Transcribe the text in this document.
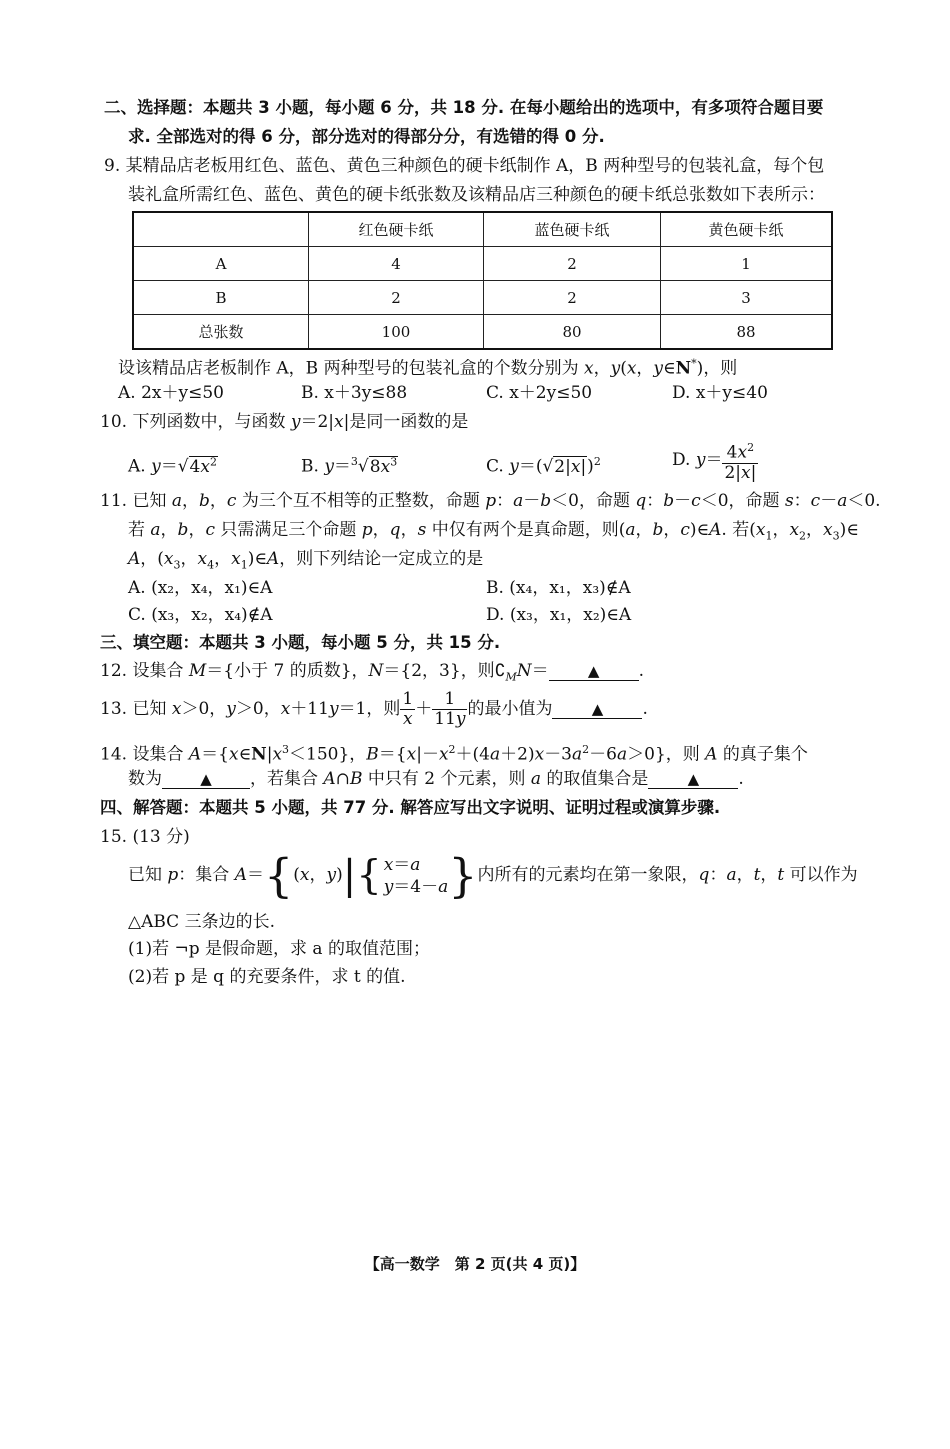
二、选择题：本题共 3 小题，每小题 6 分，共 18 分. 在每小题给出的选项中，有多项符合题目要
求. 全部选对的得 6 分，部分选对的得部分分，有选错的得 0 分.
9. 某精品店老板用红色、蓝色、黄色三种颜色的硬卡纸制作 A，B 两种型号的包装礼盒，每个包
装礼盒所需红色、蓝色、黄色的硬卡纸张数及该精品店三种颜色的硬卡纸总张数如下表所示：
	红色硬卡纸	蓝色硬卡纸	黄色硬卡纸
A	4	2	1
B	2	2	3
总张数	100	80	88
设该精品店老板制作 A，B 两种型号的包装礼盒的个数分别为 x，y(x，y∈N*)，则
A. 2x＋y≤50	B. x＋3y≤88	C. x＋2y≤50	D. x＋y≤40
10. 下列函数中，与函数 y＝2|x|是同一函数的是
A. $y=√4x^2$	B. $y=^3√8x^3$	C. $y=(√2|x|)^2$	D. $y= \frac{4x^2}{2|x|}$
11. 已知 a，b，c 为三个互不相等的正整数，命题 p：a－b＜0，命题 q：b－c＜0，命题 s：c－a＜0.
若 a，b，c 只需满足三个命题 p，q，s 中仅有两个是真命题，则(a，b，c)∈A. 若($x_1$，$x_2$，$x_3)\in$
A，($x_3$，$x_4$，$x_1)\in A$，则下列结论一定成立的是
A. (x₂，x₄，x₁)∈A	B. (x₄，x₁，x₃)∉A
C. (x₃，x₂，x₄)∉A	D. (x₃，x₁，x₂)∈A
三、填空题：本题共 3 小题，每小题 5 分，共 15 分.
12. 设集合 M＝{小于 7 的质数}，N＝{2，3}，则$∁_MN=$	▲ .
13. 已知 x＞0，y＞0，x＋11y＝1，则 $\frac{1}{x} + \frac{1}{11y}$ 的最小值为	▲ .
14. 设集合 $A=\{x\in N|x^3<150\}$，$B=\{x|-x^2+(4a+2)x-3a^2-6a>0\}$，则 A 的真子集个
数为	▲ ，若集合 A∩B 中只有 2 个元素，则 a 的取值集合是	▲ .
四、解答题：本题共 5 小题，共 77 分. 解答应写出文字说明、证明过程或演算步骤.
15. (13 分)
已知 p：集合 A＝{(x，y)|{ x＝a
y＝4－a }内所有的元素均在第一象限，q：a，t，t 可以作为
△ABC 三条边的长.
(1)若 ¬p 是假命题，求 a 的取值范围；
(2)若 p 是 q 的充要条件，求 t 的值.
【高一数学　第 2 页(共 4 页)】
